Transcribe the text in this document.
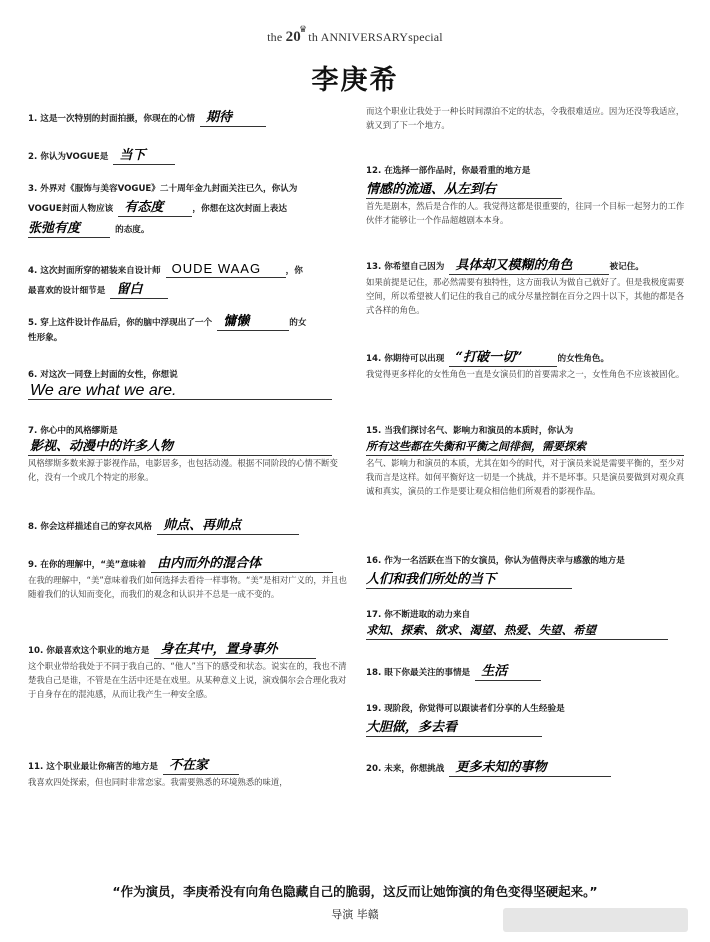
the 20♛th ANNIVERSARYspecial
李庚希
1. 这是一次特别的封面拍摄，你现在的心情 期待
2. 你认为VOGUE是 当下
3. 外界对《服饰与美容VOGUE》二十周年金九封面关注已久，你认为
VOGUE封面人物应该 有态度	，你想在这次封面上表达
张弛有度	的态度。
4. 这次封面所穿的裙装来自设计师 OUDE WAAG	，你
最喜欢的设计细节是 留白
5. 穿上这件设计作品后，你的脑中浮现出了一个 慵懒	的女
性形象。
6. 对这次一同登上封面的女性，你想说
We are what we are.
7. 你心中的风格缪斯是
影视、动漫中的许多人物
风格缪斯多数来源于影视作品，电影居多，也包括动漫。根据不同阶段的心情不断变化，没有一个或几个特定的形象。
8. 你会这样描述自己的穿衣风格 帅点、再帅点
9. 在你的理解中，“美”意味着 由内而外的混合体
在我的理解中，“美”意味着我们如何选择去看待一样事物。“美”是相对广义的，并且也随着我们的认知而变化，而我们的观念和认识并不总是一成不变的。
10. 你最喜欢这个职业的地方是 身在其中，置身事外
这个职业带给我处于不同于我自己的、“他人”当下的感受和状态。说实在的，我也不清楚我自己是谁，不管是在生活中还是在戏里。从某种意义上说，演戏偶尔会合理化我对于自身存在的混沌感，从而让我产生一种安全感。
11. 这个职业最让你痛苦的地方是 不在家
我喜欢四处探索，但也同时非常恋家。我需要熟悉的环境熟悉的味道，
而这个职业让我处于一种长时间漂泊不定的状态，令我很难适应。因为还没等我适应，就又到了下一个地方。
12. 在选择一部作品时，你最看重的地方是
情感的流通、从左到右
首先是剧本，然后是合作的人。我觉得这都是很重要的，往同一个目标一起努力的工作伙伴才能够让一个作品超越剧本本身。
13. 你希望自己因为 具体却又模糊的角色	被记住。
如果前提是记住，那必然需要有独特性，这方面我认为做自己就好了。但是我极度需要空间，所以希望被人们记住的我自己的成分尽量控制在百分之四十以下，其他的都是各式各样的角色。
14. 你期待可以出现 “打破一切”	的女性角色。
我觉得更多样化的女性角色一直是女演员们的首要需求之一，女性角色不应该被固化。
15. 当我们探讨名气、影响力和演员的本质时，你认为
所有这些都在失衡和平衡之间徘徊，需要探索
名气、影响力和演员的本质，尤其在如今的时代，对于演员来说是需要平衡的，至少对我而言是这样。如何平衡好这一切是一个挑战，并不是坏事。只是演员要做到对观众真诚和真实，演员的工作是要让观众相信他们所观看的影视作品。
16. 作为一名活跃在当下的女演员，你认为值得庆幸与感激的地方是
人们和我们所处的当下
17. 你不断进取的动力来自
求知、探索、欲求、渴望、热爱、失望、希望
18. 眼下你最关注的事情是 生活
19. 现阶段，你觉得可以跟读者们分享的人生经验是
大胆做，多去看
20. 未来，你想挑战 更多未知的事物
“作为演员，李庚希没有向角色隐藏自己的脆弱，这反而让她饰演的角色变得坚硬起来。”
导演 毕赣
